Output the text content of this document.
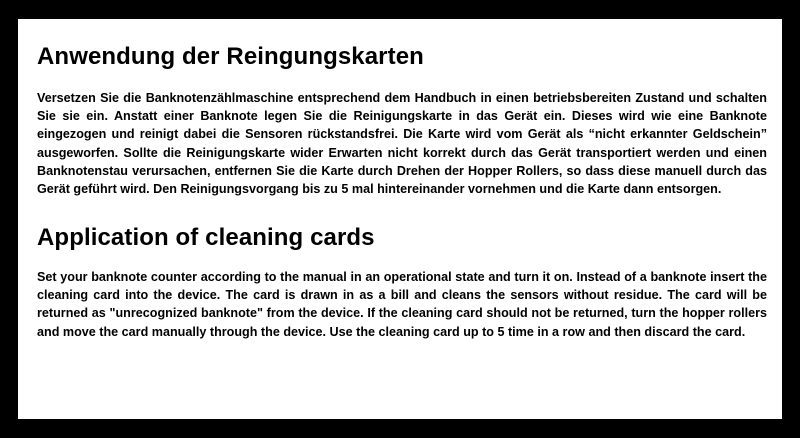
Anwendung der Reingungskarten

Versetzen Sie die Banknotenzählmaschine entsprechend dem Handbuch in einen betriebsbereiten Zustand und schalten Sie sie ein. Anstatt einer Banknote legen Sie die Reinigungskarte in das Gerät ein. Dieses wird wie eine Banknote eingezogen und reinigt dabei die Sensoren rückstandsfrei. Die Karte wird vom Gerät als “nicht erkannter Geldschein” ausgeworfen. Sollte die Reinigungskarte wider Erwarten nicht korrekt durch das Gerät transportiert werden und einen Banknotenstau verursachen, entfernen Sie die Karte durch Drehen der Hopper Rollers, so dass diese manuell durch das Gerät geführt wird. Den Reinigungsvorgang bis zu 5 mal hintereinander vornehmen und die Karte dann entsorgen.

Application of cleaning cards

Set your banknote counter according to the manual in an operational state and turn it on. Instead of a banknote insert the cleaning card into the device. The card is drawn in as a bill and cleans the sensors without residue. The card will be returned as "unrecognized banknote" from the device. If the cleaning card should not be returned, turn the hopper rollers and move the card manually through the device. Use the cleaning card up to 5 time in a row and then discard the card.
